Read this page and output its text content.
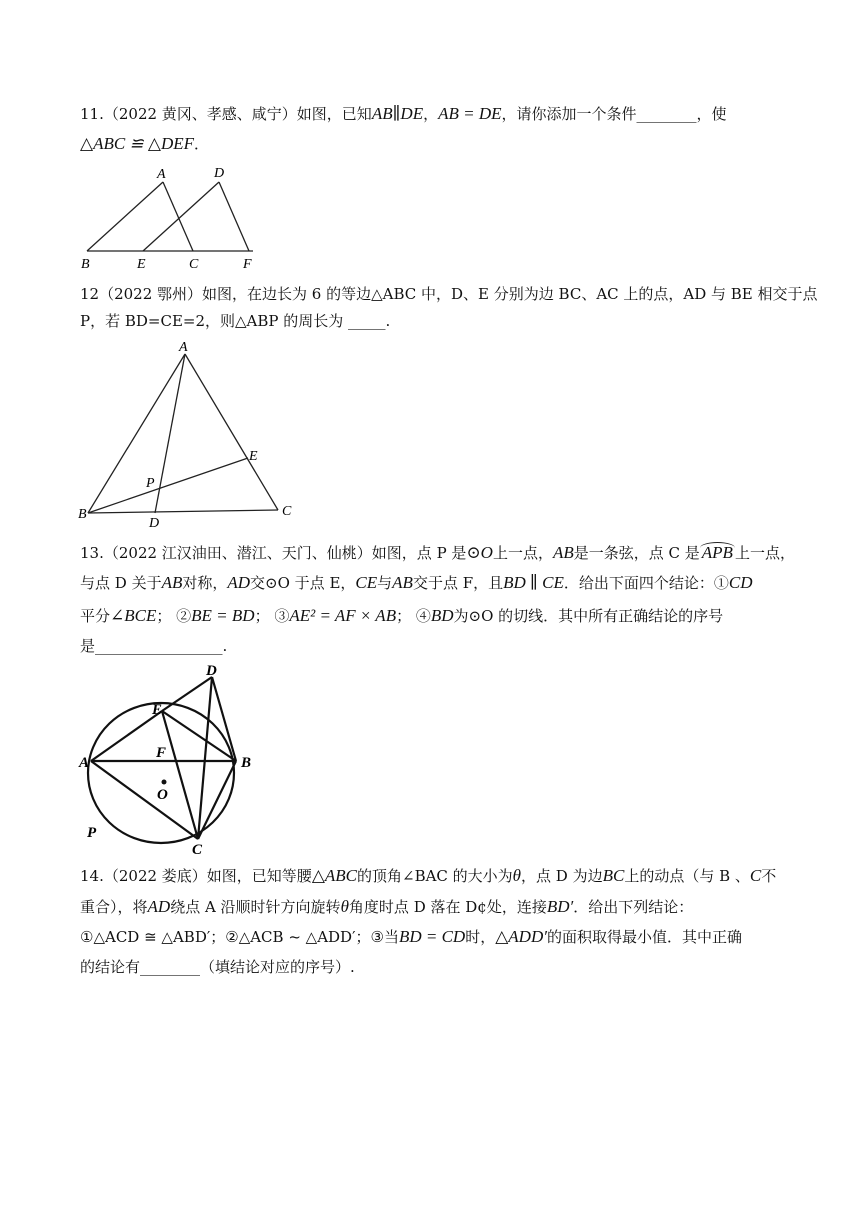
11.（2022 黄冈、孝感、咸宁）如图，已知AB∥DE，AB = DE，请你添加一个条件________，使
△ABC ≌ △DEF．
A	D
B	E	C	F
12（2022 鄂州）如图，在边长为 6 的等边△ABC 中，D、E 分别为边 BC、AC 上的点，AD 与 BE 相交于点
P，若 BD=CE=2，则△ABP 的周长为 _____.
A
E
P
B
D
C
13.（2022 江汉油田、潜江、天门、仙桃）如图，点 P 是⊙O上一点，AB是一条弦，点 C 是 APB 上一点，
与点 D 关于AB对称，AD交⊙O 于点 E，CE与AB交于点 F，且BD ∥ CE．给出下面四个结论：①CD
平分∠BCE； ②BE = BD； ③AE² = AF × AB； ④BD为⊙O 的切线．其中所有正确结论的序号
是_________________.
D
E
F
A	B
O
P
C
14.（2022 娄底）如图，已知等腰△ABC的顶角∠BAC 的大小为θ，点 D 为边BC上的动点（与 B 、C不
重合），将AD绕点 A 沿顺时针方向旋转θ角度时点 D 落在 D¢处，连接BD′．给出下列结论：
①△ACD ≅ △ABD′；②△ACB ~ △ADD′；③当BD = CD时，△ADD′的面积取得最小值．其中正确
的结论有________（填结论对应的序号）.
